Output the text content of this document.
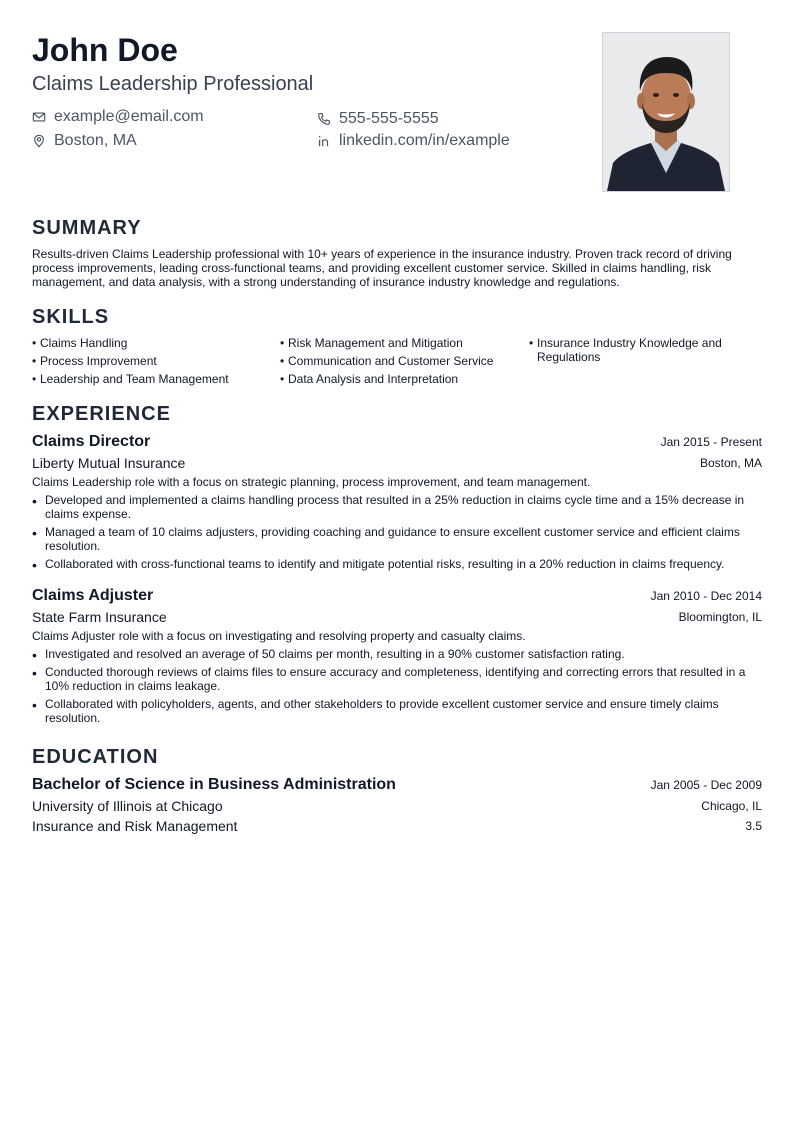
John Doe
Claims Leadership Professional
example@email.com	555-555-5555
Boston, MA	linkedin.com/in/example
SUMMARY
Results-driven Claims Leadership professional with 10+ years of experience in the insurance industry. Proven track record of driving process improvements, leading cross-functional teams, and providing excellent customer service. Skilled in claims handling, risk management, and data analysis, with a strong understanding of insurance industry knowledge and regulations.
SKILLS
• Claims Handling
• Process Improvement
• Leadership and Team Management
• Risk Management and Mitigation
• Communication and Customer Service
• Data Analysis and Interpretation
• Insurance Industry Knowledge and Regulations
EXPERIENCE
Claims Director	Jan 2015 - Present
Liberty Mutual Insurance	Boston, MA
Claims Leadership role with a focus on strategic planning, process improvement, and team management.
• Developed and implemented a claims handling process that resulted in a 25% reduction in claims cycle time and a 15% decrease in claims expense.
• Managed a team of 10 claims adjusters, providing coaching and guidance to ensure excellent customer service and efficient claims resolution.
• Collaborated with cross-functional teams to identify and mitigate potential risks, resulting in a 20% reduction in claims frequency.
Claims Adjuster	Jan 2010 - Dec 2014
State Farm Insurance	Bloomington, IL
Claims Adjuster role with a focus on investigating and resolving property and casualty claims.
• Investigated and resolved an average of 50 claims per month, resulting in a 90% customer satisfaction rating.
• Conducted thorough reviews of claims files to ensure accuracy and completeness, identifying and correcting errors that resulted in a 10% reduction in claims leakage.
• Collaborated with policyholders, agents, and other stakeholders to provide excellent customer service and ensure timely claims resolution.
EDUCATION
Bachelor of Science in Business Administration	Jan 2005 - Dec 2009
University of Illinois at Chicago	Chicago, IL
Insurance and Risk Management	3.5
